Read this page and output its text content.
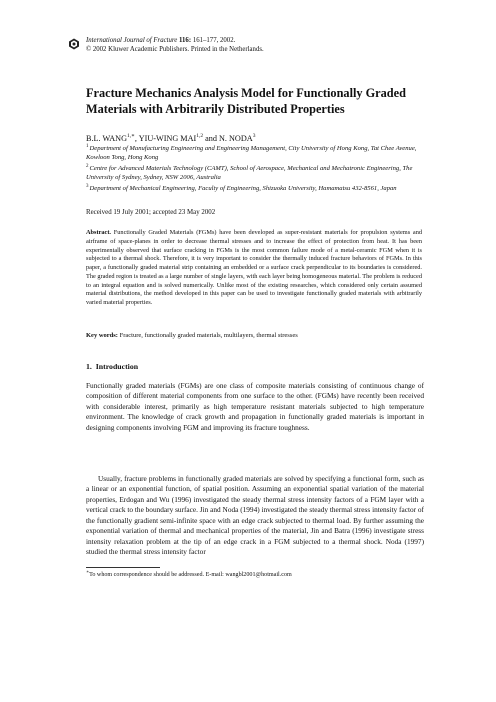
International Journal of Fracture 116: 161–177, 2002.
© 2002 Kluwer Academic Publishers. Printed in the Netherlands.
Fracture Mechanics Analysis Model for Functionally Graded Materials with Arbitrarily Distributed Properties
B.L. $WANG^{1,∗}$, YIU-WING MAI$^{1,2}$ and N. NODA$^3$
$^1$Department of Manufacturing Engineering and Engineering Management, City University of Hong Kong, Tat Chee Avenue, Kowloon Tong, Hong Kong
$^2$Centre for Advanced Materials Technology (CAMT), School of Aerospace, Mechanical and Mechatronic Engineering, The University of Sydney, Sydney, NSW 2006, Australia
$^3$Department of Mechanical Engineering, Faculty of Engineering, Shizuoka University, Hamamatsu 432-8561, Japan
Received 19 July 2001; accepted 23 May 2002

Abstract. Functionally Graded Materials (FGMs) have been developed as super-resistant materials for propulsion systems and airframe of space-planes in order to decrease thermal stresses and to increase the effect of protection from heat. It has been experimentally observed that surface cracking in FGMs is the most common failure mode of a metal-ceramic FGM when it is subjected to a thermal shock. Therefore, it is very important to consider the thermally induced fracture behaviors of FGMs. In this paper, a functionally graded material strip containing an embedded or a surface crack perpendicular to its boundaries is considered. The graded region is treated as a large number of single layers, with each layer being homogeneous material. The problem is reduced to an integral equation and is solved numerically. Unlike most of the existing researches, which considered only certain assumed material distributions, the method developed in this paper can be used to investigate functionally graded materials with arbitrarily varied material properties.

Key words: Fracture, functionally graded materials, multilayers, thermal stresses
1. Introduction

Functionally graded materials (FGMs) are one class of composite materials consisting of continuous change of composition of different material components from one surface to the other. (FGMs) have recently been received with considerable interest, primarily as high temperature resistant materials subjected to high temperature environment. The knowledge of crack growth and propagation in functionally graded materials is important in designing components involving FGM and improving its fracture toughness.

Usually, fracture problems in functionally graded materials are solved by specifying a functional form, such as a linear or an exponential function, of spatial position. Assuming an exponential spatial variation of the material properties, Erdogan and Wu (1996) investigated the steady thermal stress intensity factors of a FGM layer with a vertical crack to the boundary surface. Jin and Noda (1994) investigated the steady thermal stress intensity factor of the functionally gradient semi-infinite space with an edge crack subjected to thermal load. By further assuming the exponential variation of thermal and mechanical properties of the material, Jin and Batra (1996) investigate stress intensity relaxation problem at the tip of an edge crack in a FGM subjected to a thermal shock. Noda (1997) studied the thermal stress intensity factor

∗To whom correspondence should be addressed. E-mail: wangbl2001@hotmail.com
